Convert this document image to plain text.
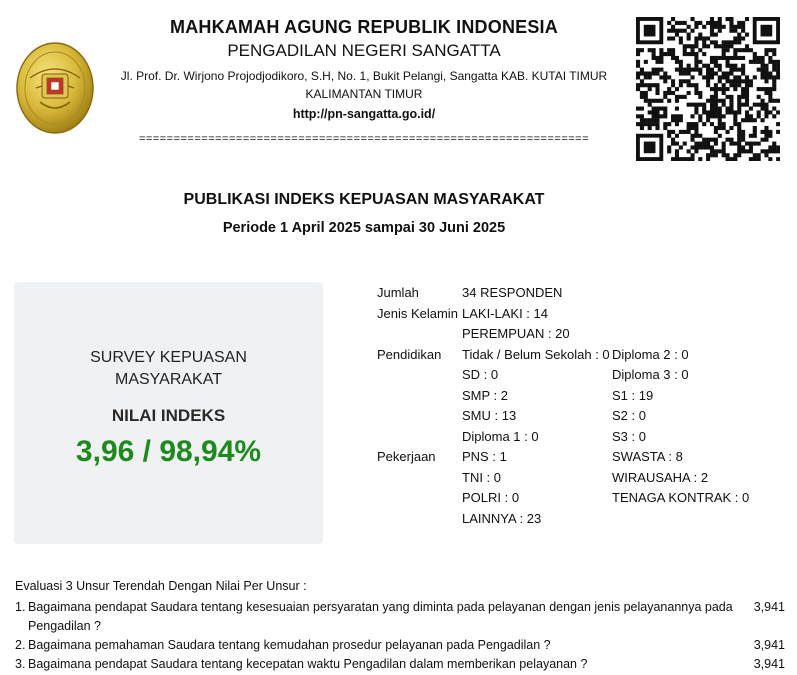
MAHKAMAH AGUNG REPUBLIK INDONESIA
PENGADILAN NEGERI SANGATTA
Jl. Prof. Dr. Wirjono Projodjodikoro, S.H, No. 1, Bukit Pelangi, Sangatta KAB. KUTAI TIMUR KALIMANTAN TIMUR
http://pn-sangatta.go.id/
=================================================================
PUBLIKASI INDEKS KEPUASAN MASYARAKAT
Periode 1 April 2025 sampai 30 Juni 2025
SURVEY KEPUASAN
MASYARAKAT
NILAI INDEKS
3,96 / 98,94%
Jumlah	34 RESPONDEN
Jenis Kelamin LAKI-LAKI : 14
PEREMPUAN : 20
Pendidikan	Tidak / Belum Sekolah : 0 Diploma 2 : 0
SD : 0	Diploma 3 : 0
SMP : 2	S1 : 19
SMU : 13	S2 : 0
Diploma 1 : 0	S3 : 0
Pekerjaan	PNS : 1	SWASTA : 8
TNI : 0	WIRAUSAHA : 2
POLRI : 0	TENAGA KONTRAK : 0
LAINNYA : 23
Evaluasi 3 Unsur Terendah Dengan Nilai Per Unsur :
1. Bagaimana pendapat Saudara tentang kesesuaian persyaratan yang diminta pada pelayanan dengan jenis pelayanannya pada Pengadilan ?
3,941
2. Bagaimana pemahaman Saudara tentang kemudahan prosedur pelayanan pada Pengadilan ?	3,941
3. Bagaimana pendapat Saudara tentang kecepatan waktu Pengadilan dalam memberikan pelayanan ?	3,941
